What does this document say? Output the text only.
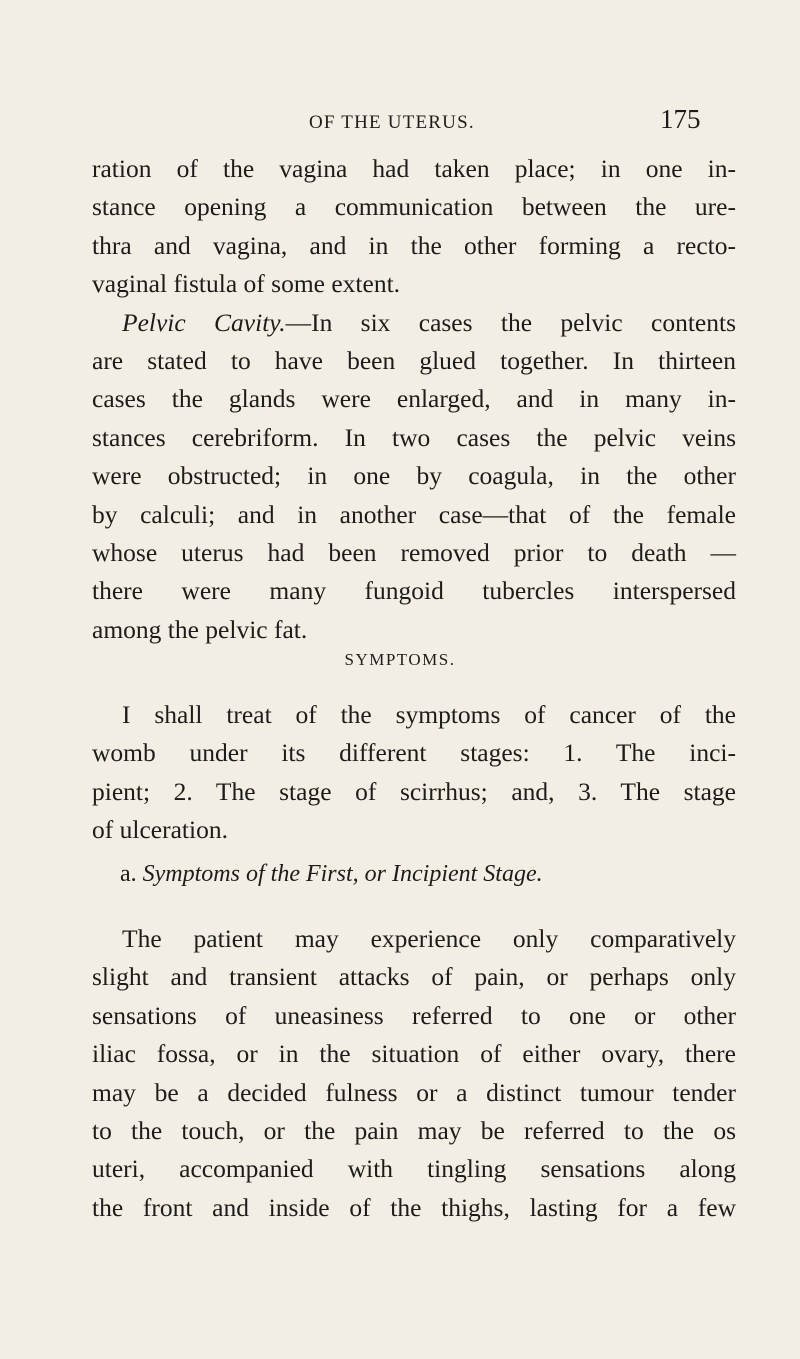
OF THE UTERUS.	175
ration of the vagina had taken place; in one in-
stance opening a communication between the ure-
thra and vagina, and in the other forming a recto-
vaginal fistula of some extent.
Pelvic Cavity.—In six cases the pelvic contents
are stated to have been glued together. In thirteen
cases the glands were enlarged, and in many in-
stances cerebriform. In two cases the pelvic veins
were obstructed; in one by coagula, in the other
by calculi; and in another case—that of the female
whose uterus had been removed prior to death —
there were many fungoid tubercles interspersed
among the pelvic fat.
SYMPTOMS.
I shall treat of the symptoms of cancer of the
womb under its different stages: 1. The inci-
pient; 2. The stage of scirrhus; and, 3. The stage
of ulceration.
a. Symptoms of the First, or Incipient Stage.
The patient may experience only comparatively
slight and transient attacks of pain, or perhaps only
sensations of uneasiness referred to one or other
iliac fossa, or in the situation of either ovary, there
may be a decided fulness or a distinct tumour tender
to the touch, or the pain may be referred to the os
uteri, accompanied with tingling sensations along
the front and inside of the thighs, lasting for a few
